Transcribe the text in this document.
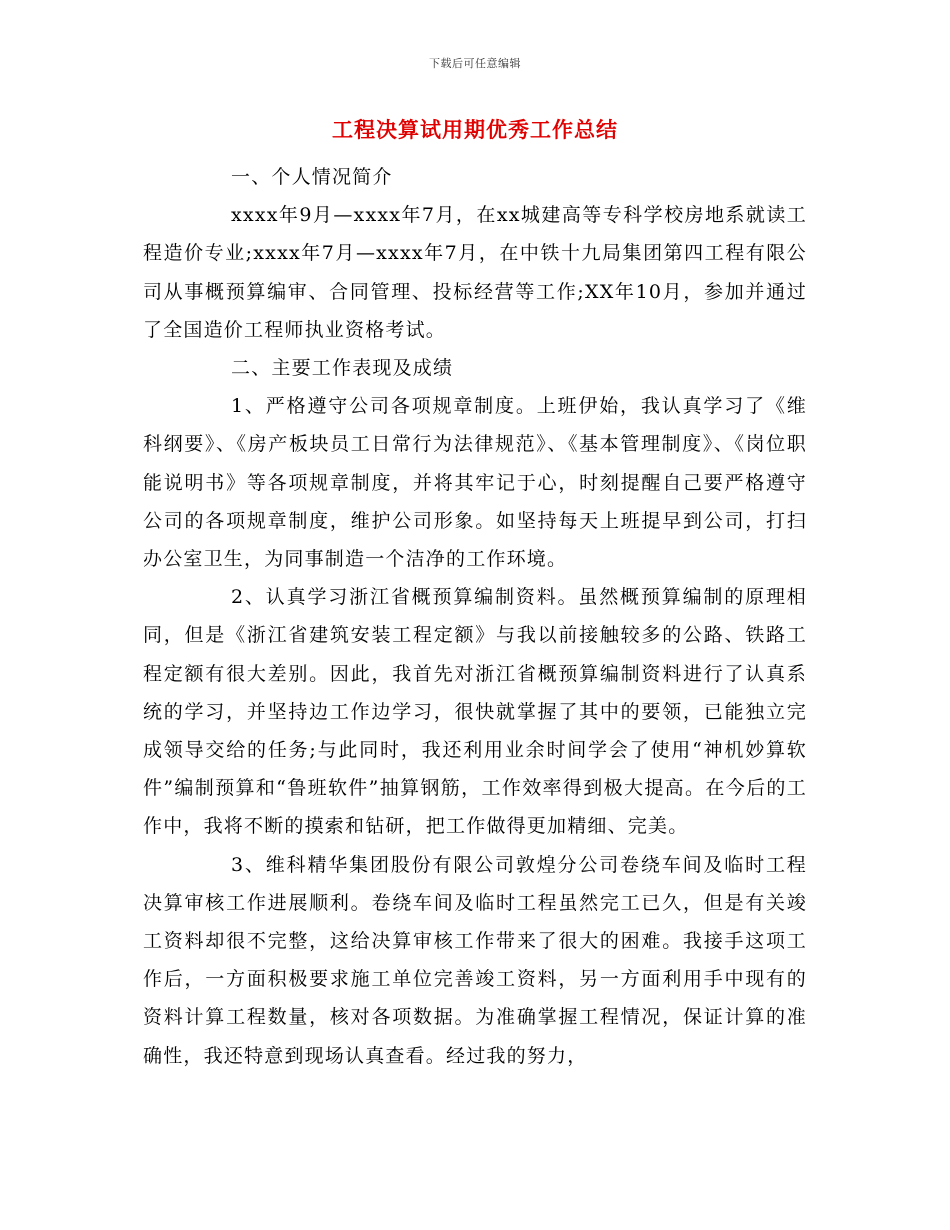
下载后可任意编辑
工程决算试用期优秀工作总结

一、个人情况简介

xxxx年9月—xxxx年7月，在xx城建高等专科学校房地系就读工程造价专业;xxxx年7月—xxxx年7月，在中铁十九局集团第四工程有限公司从事概预算编审、合同管理、投标经营等工作;XX年10月，参加并通过了全国造价工程师执业资格考试。

二、主要工作表现及成绩

1、严格遵守公司各项规章制度。上班伊始，我认真学习了《维科纲要》、《房产板块员工日常行为法律规范》、《基本管理制度》、《岗位职能说明书》等各项规章制度，并将其牢记于心，时刻提醒自己要严格遵守公司的各项规章制度，维护公司形象。如坚持每天上班提早到公司，打扫办公室卫生，为同事制造一个洁净的工作环境。

2、认真学习浙江省概预算编制资料。虽然概预算编制的原理相同，但是《浙江省建筑安装工程定额》与我以前接触较多的公路、铁路工程定额有很大差别。因此，我首先对浙江省概预算编制资料进行了认真系统的学习，并坚持边工作边学习，很快就掌握了其中的要领，已能独立完成领导交给的任务;与此同时，我还利用业余时间学会了使用“神机妙算软件”编制预算和“鲁班软件”抽算钢筋，工作效率得到极大提高。在今后的工作中，我将不断的摸索和钻研，把工作做得更加精细、完美。

3、维科精华集团股份有限公司敦煌分公司卷绕车间及临时工程决算审核工作进展顺利。卷绕车间及临时工程虽然完工已久，但是有关竣工资料却很不完整，这给决算审核工作带来了很大的困难。我接手这项工作后，一方面积极要求施工单位完善竣工资料，另一方面利用手中现有的资料计算工程数量，核对各项数据。为准确掌握工程情况，保证计算的准确性，我还特意到现场认真查看。经过我的努力，
